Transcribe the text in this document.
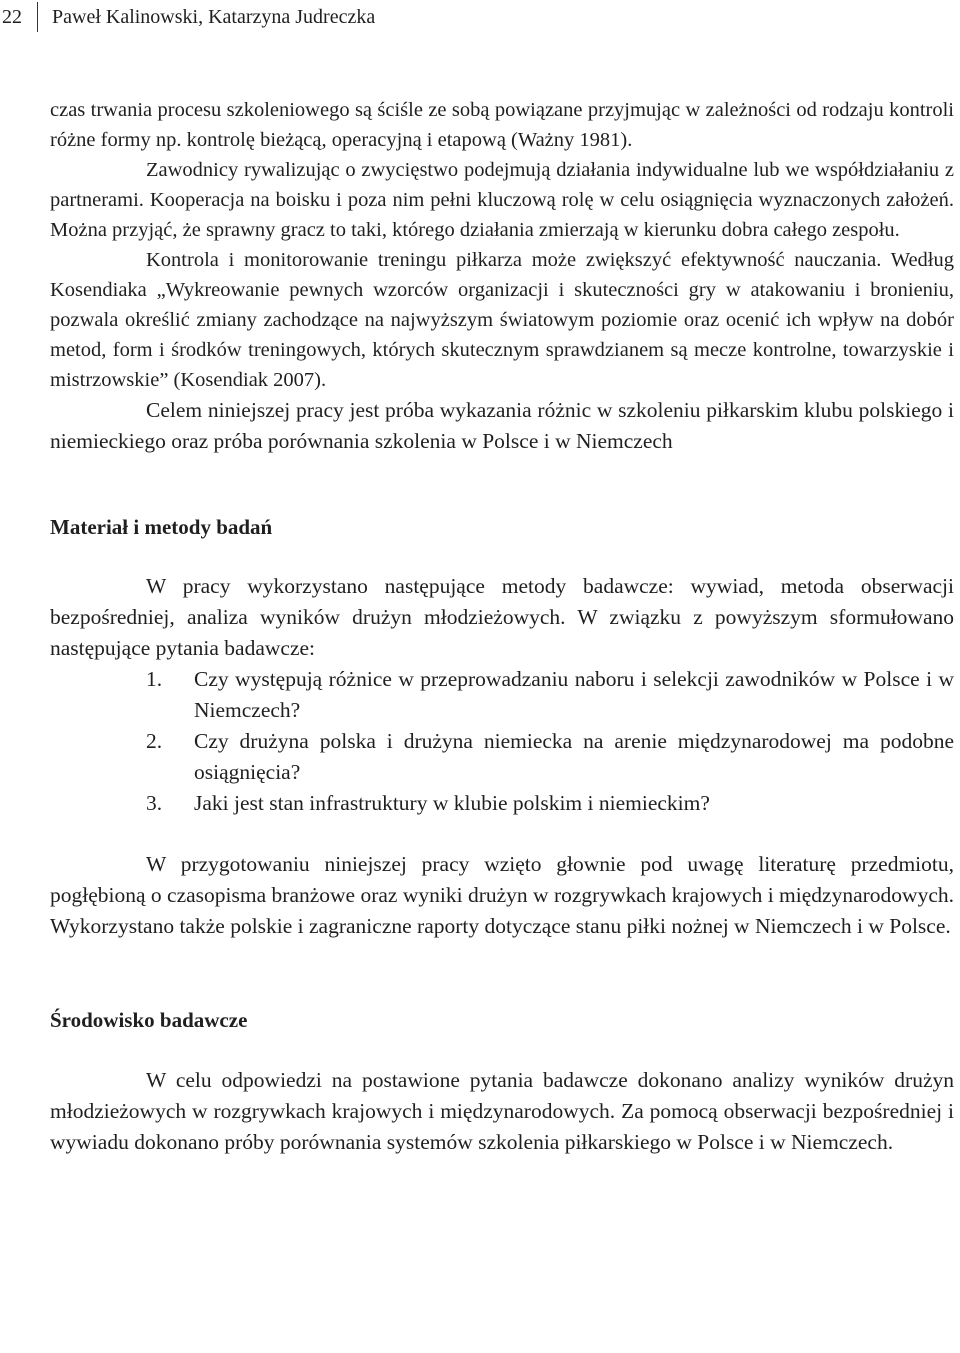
22 Paweł Kalinowski, Katarzyna Judreczka

czas trwania procesu szkoleniowego są ściśle ze sobą powiązane przyjmując w zależności od rodzaju kontroli różne formy np. kontrolę bieżącą, operacyjną i etapową (Ważny 1981).

Zawodnicy rywalizując o zwycięstwo podejmują działania indywidualne lub we współdziałaniu z partnerami. Kooperacja na boisku i poza nim pełni kluczową rolę w celu osiągnięcia wyznaczonych założeń. Można przyjąć, że sprawny gracz to taki, którego działania zmierzają w kierunku dobra całego zespołu.

Kontrola i monitorowanie treningu piłkarza może zwiększyć efektywność nauczania. Według Kosendiaka „Wykreowanie pewnych wzorców organizacji i skuteczności gry w atakowaniu i bronieniu, pozwala określić zmiany zachodzące na najwyższym światowym poziomie oraz ocenić ich wpływ na dobór metod, form i środków treningowych, których skutecznym sprawdzianem są mecze kontrolne, towarzyskie i mistrzowskie” (Kosendiak 2007).

Celem niniejszej pracy jest próba wykazania różnic w szkoleniu piłkarskim klubu polskiego i niemieckiego oraz próba porównania szkolenia w Polsce i w Niemczech

Materiał i metody badań

W pracy wykorzystano następujące metody badawcze: wywiad, metoda obserwacji bezpośredniej, analiza wyników drużyn młodzieżowych. W związku z powyższym sformułowano następujące pytania badawcze:

1. Czy występują różnice w przeprowadzaniu naboru i selekcji zawodników w Polsce i w Niemczech?
2. Czy drużyna polska i drużyna niemiecka na arenie międzynarodowej ma podobne osiągnięcia?
3. Jaki jest stan infrastruktury w klubie polskim i niemieckim?

W przygotowaniu niniejszej pracy wzięto głownie pod uwagę literaturę przedmiotu, pogłębioną o czasopisma branżowe oraz wyniki drużyn w rozgrywkach krajowych i międzynarodowych. Wykorzystano także polskie i zagraniczne raporty dotyczące stanu piłki nożnej w Niemczech i w Polsce.

Środowisko badawcze

W celu odpowiedzi na postawione pytania badawcze dokonano analizy wyników drużyn młodzieżowych w rozgrywkach krajowych i międzynarodowych. Za pomocą obserwacji bezpośredniej i wywiadu dokonano próby porównania systemów szkolenia piłkarskiego w Polsce i w Niemczech.
